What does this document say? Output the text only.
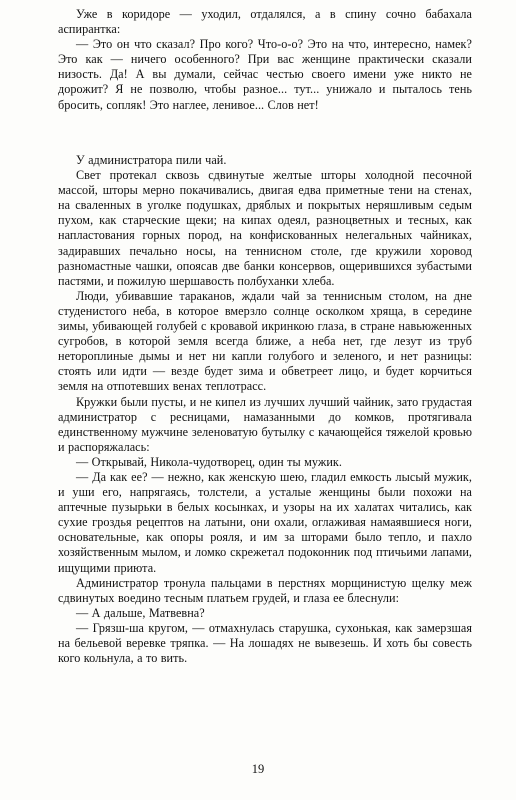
Уже в коридоре — уходил, отдалялся, а в спину сочно бабахала аспирантка:

— Это он что сказал? Про кого? Что-о-о? Это на что, интересно, намек? Это как — ничего особенного? При вас женщине практически сказали низость. Да! А вы думали, сейчас честью своего имени уже никто не дорожит? Я не позволю, чтобы разное... тут... унижало и пыталось тень бросить, сопляк! Это наглее, ленивое... Слов нет!

У администратора пили чай.

Свет протекал сквозь сдвинутые желтые шторы холодной песочной массой, шторы мерно покачивались, двигая едва приметные тени на стенах, на сваленных в уголке подушках, дряблых и покрытых неряшливым седым пухом, как старческие щеки; на кипах одеял, разноцветных и тесных, как напластования горных пород, на конфискованных нелегальных чайниках, задиравших печально носы, на теннисном столе, где кружили хоровод разномастные чашки, опоясав две банки консервов, ощерившихся зубастыми пастями, и пожилую шершавость полбуханки хлеба.

Люди, убивавшие тараканов, ждали чай за теннисным столом, на дне студенистого неба, в которое вмерзло солнце осколком хряща, в середине зимы, убивающей голубей с кровавой икринкою глаза, в стране навьюженных сугробов, в которой земля всегда ближе, а неба нет, где лезут из труб нетороплиные дымы и нет ни капли голубого и зеленого, и нет разницы: стоять или идти — везде будет зима и обветреет лицо, и будет корчиться земля на отпотевших венах теплотрасс.

Кружки были пусты, и не кипел из лучших лучший чайник, зато грудастая администратор с ресницами, намазанными до комков, протягивала единственному мужчине зеленоватую бутылку с качающейся тяжелой кровью и распоряжалась:

— Открывай, Никола-чудотворец, один ты мужик.

— Да как ее? — нежно, как женскую шею, гладил емкость лысый мужик, и уши его, напрягаясь, толстели, а усталые женщины были похожи на аптечные пузырьки в белых косынках, и узоры на их халатах читались, как сухие гроздья рецептов на латыни, они охали, оглаживая намаявшиеся ноги, основательные, как опоры рояля, и им за шторами было тепло, и пахло хозяйственным мылом, и ломко скрежетал подоконник под птичьими лапами, ищущими приюта.

Администратор тронула пальцами в перстнях морщинистую щелку меж сдвинутых воедино тесным платьем грудей, и глаза ее блеснули:

— А дальше, Матвевна?

— Грязш-ша кругом, — отмахнулась старушка, сухонькая, как замерзшая на бельевой веревке тряпка. — На лошадях не вывезешь. И хоть бы совесть кого кольнула, а то вить.

19
